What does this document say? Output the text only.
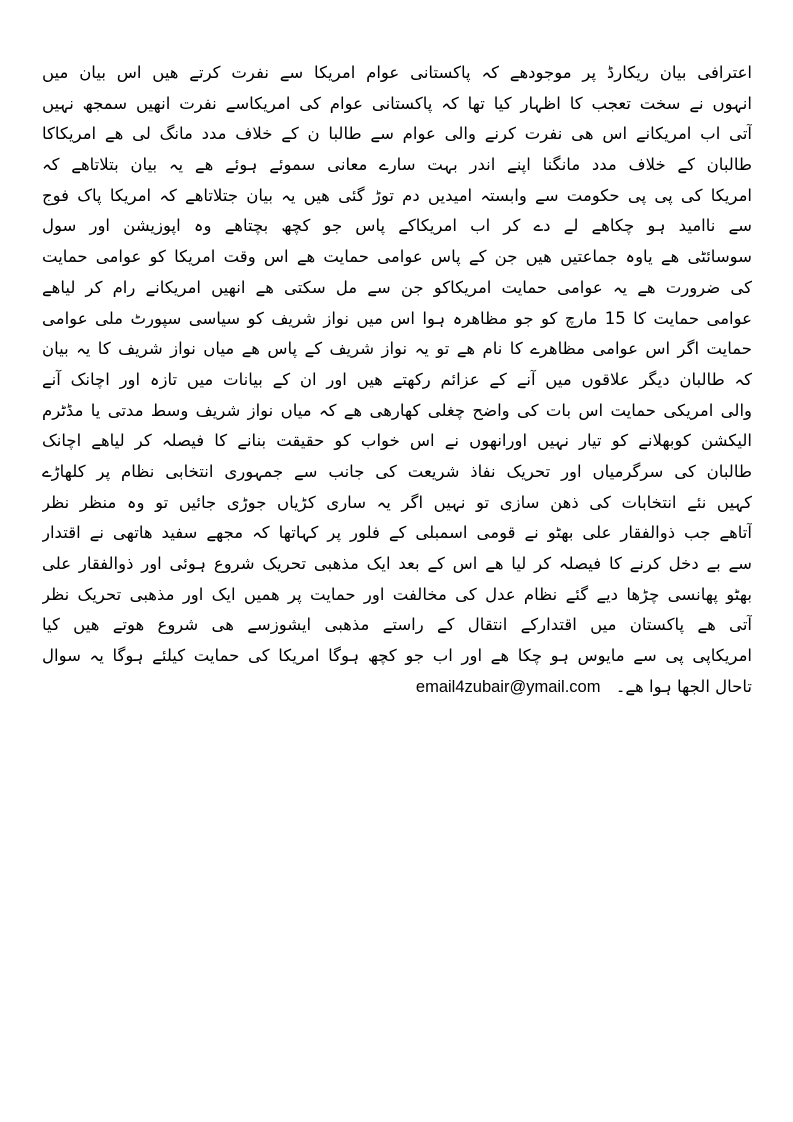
اعترافی بیان ریکارڈ پر موجودھے کہ پاکستانی عوام امریکا سے نفرت کرتے ھیں اس بیان میں
انہوں نے سخت تعجب کا اظہار کیا تھا کہ پاکستانی عوام کی امریکاسے نفرت انھیں سمجھ نہیں
آتی اب امریکانے اس ھی نفرت کرنے والی عوام سے طالبا ن کے خلاف مدد مانگ لی ھے امریکاکا
طالبان کے خلاف مدد مانگنا اپنے اندر بہت سارے معانی سموئے ہوئے ھے یہ بیان بتلاتاھے کہ
امریکا کی پی پی حکومت سے وابستہ امیدیں دم توڑ گئی ھیں یہ بیان جتلاتاھے کہ امریکا پاک فوج
سے ناامید ہو چکاھے لے دے کر اب امریکاکے پاس جو کچھ بچتاھے وہ اپوزیشن اور سول
سوسائٹی ھے یاوہ جماعتیں ھیں جن کے پاس عوامی حمایت ھے اس وقت امریکا کو عوامی حمایت
کی ضرورت ھے یہ عوامی حمایت امریکاکو جن سے مل سکتی ھے انھیں امریکانے رام کر لیاھے
عوامی حمایت کا 15 مارچ کو جو مظاھرہ ہوا اس میں نواز شریف کو سیاسی سپورٹ ملی عوامی
حمایت اگر اس عوامی مظاھرے کا نام ھے تو یہ نواز شریف کے پاس ھے میاں نواز شریف کا یہ بیان
کہ طالبان دیگر علاقوں میں آنے کے عزائم رکھتے ھیں اور ان کے بیانات میں تازہ اور اچانک آنے
والی امریکی حمایت اس بات کی واضح چغلی کھارھی ھے کہ میاں نواز شریف وسط مدتی یا مڈٹرم
الیکشن کوبھلانے کو تیار نہیں اورانھوں نے اس خواب کو حقیقت بنانے کا فیصلہ کر لیاھے اچانک
طالبان کی سرگرمیاں اور تحریک نفاذ شریعت کی جانب سے جمہوری انتخابی نظام پر کلھاڑے
کہیں نئے انتخابات کی ذھن سازی تو نہیں اگر یہ ساری کڑیاں جوڑی جائیں تو وہ منظر نظر
آتاھے جب ذوالفقار علی بھٹو نے قومی اسمبلی کے فلور پر کہاتھا کہ مجھے سفید ھاتھی نے اقتدار
سے بے دخل کرنے کا فیصلہ کر لیا ھے اس کے بعد ایک مذھبی تحریک شروع ہوئی اور ذوالفقار علی
بھٹو پھانسی چڑھا دیے گئے نظام عدل کی مخالفت اور حمایت پر ھمیں ایک اور مذھبی تحریک نظر
آتی ھے پاکستان میں اقتدارکے انتقال کے راستے مذھبی ایشوزسے ھی شروع ھوتے ھیں کیا
امریکاپی پی سے مایوس ہو چکا ھے اور اب جو کچھ ہوگا امریکا کی حمایت کیلئے ہوگا یہ سوال
تاحال الجھا ہوا ھے۔ email4zubair@ymail.com
